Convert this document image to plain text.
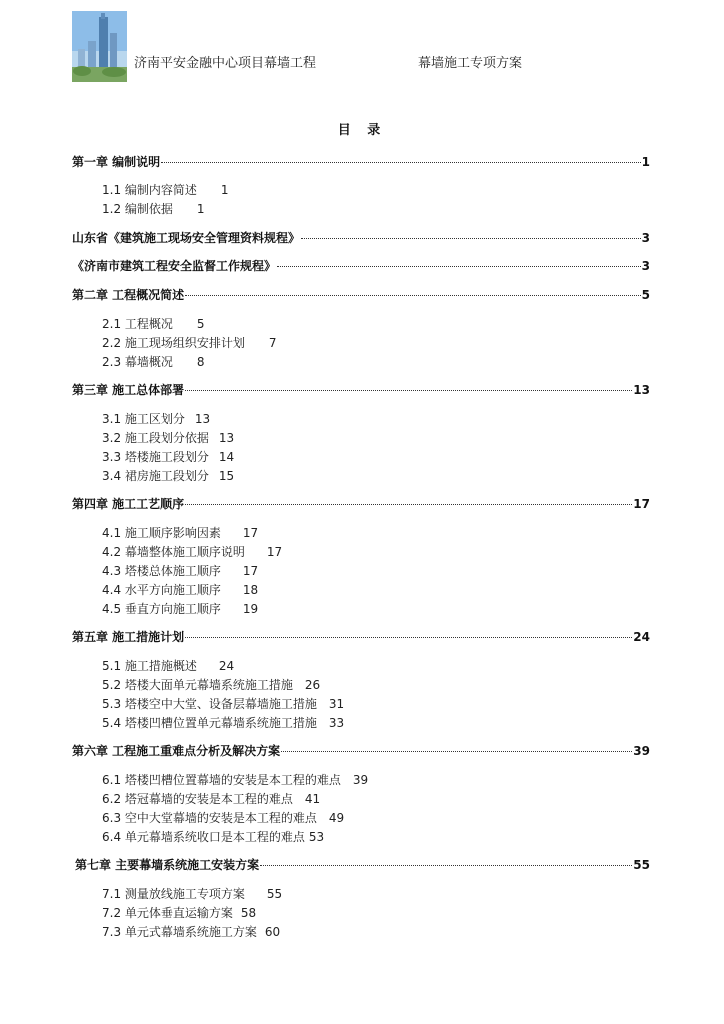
济南平安金融中心项目幕墙工程	幕墙施工专项方案
目 录
第一章 编制说明	1
1.1 编制内容简述 1
1.2 编制依据 1
山东省《建筑施工现场安全管理资料规程》	3
《济南市建筑工程安全监督工作规程》	3
第二章 工程概况简述	5
2.1 工程概况 5
2.2 施工现场组织安排计划 7
2.3 幕墙概况 8
第三章 施工总体部署	13
3.1 施工区划分 13
3.2 施工段划分依据 13
3.3 塔楼施工段划分 14
3.4 裙房施工段划分 15
第四章 施工工艺顺序	17
4.1 施工顺序影响因素 17
4.2 幕墙整体施工顺序说明 17
4.3 塔楼总体施工顺序 17
4.4 水平方向施工顺序 18
4.5 垂直方向施工顺序 19
第五章 施工措施计划	24
5.1 施工措施概述 24
5.2 塔楼大面单元幕墙系统施工措施 26
5.3 塔楼空中大堂、设备层幕墙施工措施 31
5.4 塔楼凹槽位置单元幕墙系统施工措施 33
第六章 工程施工重难点分析及解决方案	39
6.1 塔楼凹槽位置幕墙的安装是本工程的难点 39
6.2 塔冠幕墙的安装是本工程的难点 41
6.3 空中大堂幕墙的安装是本工程的难点 49
6.4 单元幕墙系统收口是本工程的难点 53
第七章 主要幕墙系统施工安装方案	55
7.1 测量放线施工专项方案 55
7.2 单元体垂直运输方案 58
7.3 单元式幕墙系统施工方案 60
